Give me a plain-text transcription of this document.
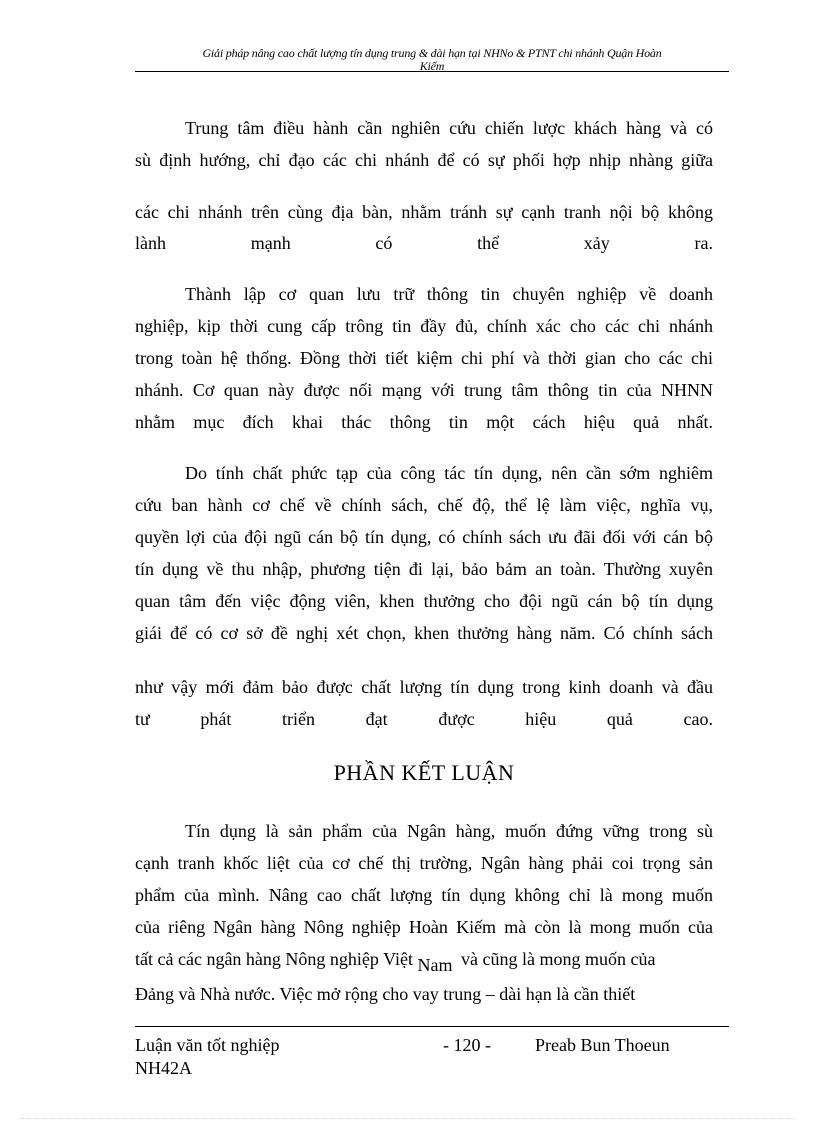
Giải pháp nâng cao chất lượng tín dụng trung & dài hạn tại NHNo & PTNT chi nhánh Quận Hoàn
Kiếm
Trung tâm điều hành cần nghiên cứu chiến lược khách hàng và có
sù định hướng, chỉ đạo các chi nhánh để có sự phối hợp nhịp nhàng giữa
các chi nhánh trên cùng địa bàn, nhằm tránh sự cạnh tranh nội bộ không
lành mạnh có thể xảy ra.
Thành lập cơ quan lưu trữ thông tin chuyên nghiệp về doanh
nghiệp, kịp thời cung cấp trông tin đầy đủ, chính xác cho các chi nhánh
trong toàn hệ thống. Đồng thời tiết kiệm chi phí và thời gian cho các chi
nhánh. Cơ quan này được nối mạng với trung tâm thông tin của NHNN
nhằm mục đích khai thác thông tin một cách hiệu quả nhất.
Do tính chất phức tạp của công tác tín dụng, nên cần sớm nghiêm
cứu ban hành cơ chế về chính sách, chế độ, thể lệ làm việc, nghĩa vụ,
quyền lợi của đội ngũ cán bộ tín dụng, có chính sách ưu đãi đối với cán bộ
tín dụng về thu nhập, phương tiện đi lại, bảo bảm an toàn. Thường xuyên
quan tâm đến việc động viên, khen thưởng cho đội ngũ cán bộ tín dụng
giái để có cơ sở đề nghị xét chọn, khen thưởng hàng năm. Có chính sách
như vậy mới đảm bảo được chất lượng tín dụng trong kinh doanh và đầu
tư phát triển đạt được hiệu quả cao.
PHẦN KẾT LUẬN
Tín dụng là sản phẩm của Ngân hàng, muốn đứng vững trong sù
cạnh tranh khốc liệt của cơ chế thị trường, Ngân hàng phải coi trọng sản
phẩm của mình. Nâng cao chất lượng tín dụng không chỉ là mong muốn
của riêng Ngân hàng Nông nghiệp Hoàn Kiếm mà còn là mong muốn của
tất cả các ngân hàng Nông nghiệp Việt Nam và cũng là mong muốn của
Đảng và Nhà nước. Việc mở rộng cho vay trung – dài hạn là cần thiết
Luận văn tốt nghiệp
NH42A
- 120 - Preab Bun Thoeun
